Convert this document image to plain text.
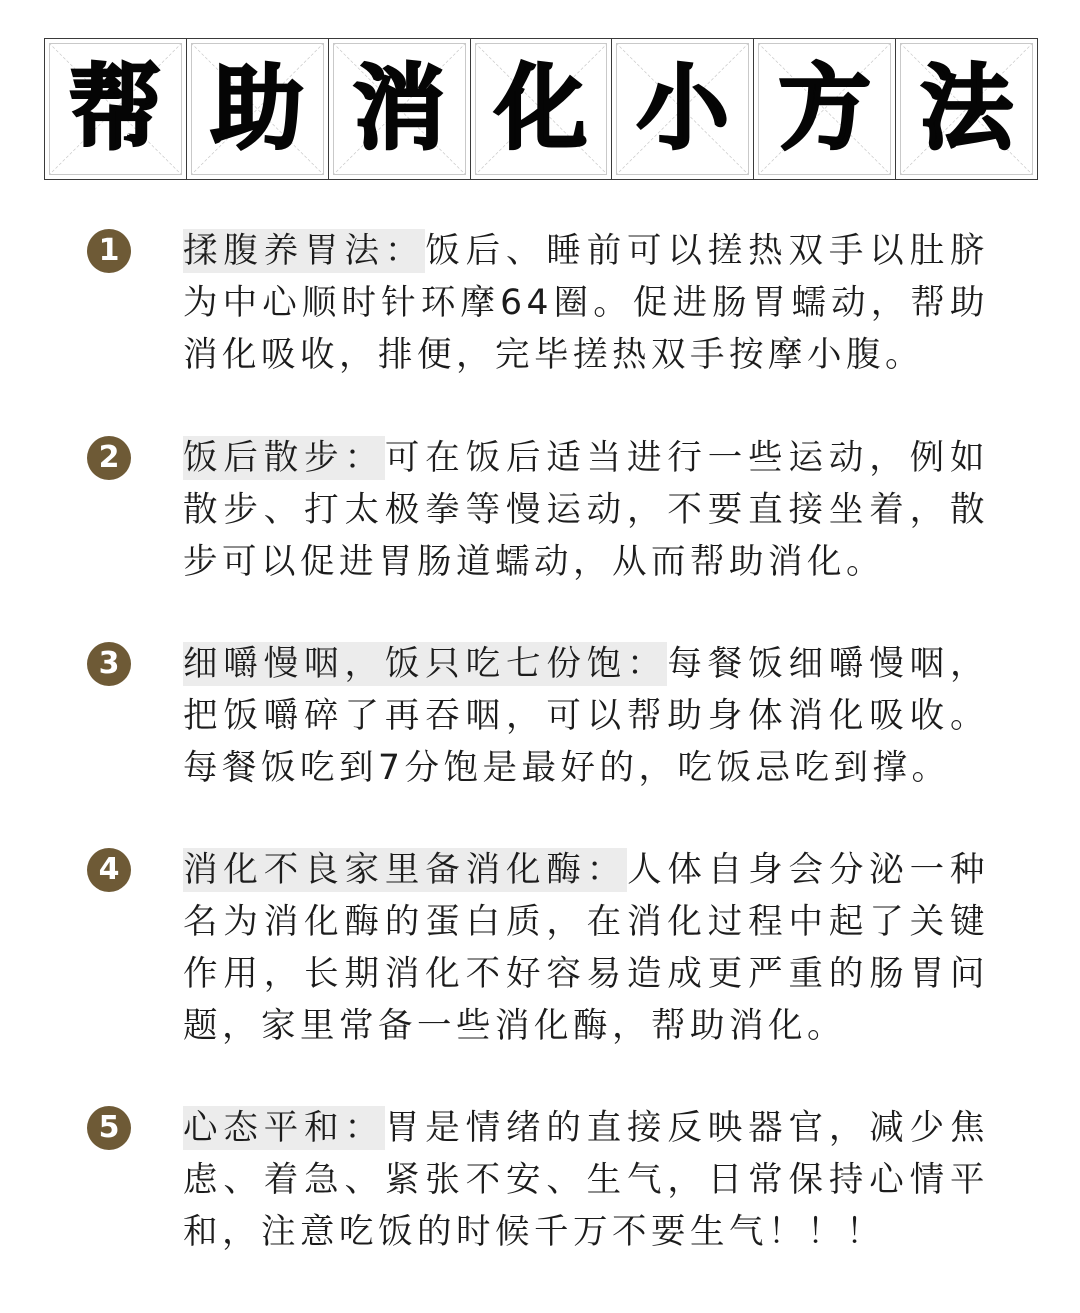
帮 助 消 化 小 方 法
1	揉腹养胃法：饭后、睡前可以搓热双手以肚脐为中心顺时针环摩64圈。促进肠胃蠕动，帮助消化吸收，排便，完毕搓热双手按摩小腹。
2	饭后散步：可在饭后适当进行一些运动，例如散步、打太极拳等慢运动，不要直接坐着，散步可以促进胃肠道蠕动，从而帮助消化。
3	细嚼慢咽，饭只吃七份饱：每餐饭细嚼慢咽，把饭嚼碎了再吞咽，可以帮助身体消化吸收。每餐饭吃到7分饱是最好的，吃饭忌吃到撑。
4	消化不良家里备消化酶：人体自身会分泌一种名为消化酶的蛋白质，在消化过程中起了关键作用，长期消化不好容易造成更严重的肠胃问题，家里常备一些消化酶，帮助消化。
5	心态平和：胃是情绪的直接反映器官，减少焦虑、着急、紧张不安、生气，日常保持心情平和，注意吃饭的时候千万不要生气！！！
